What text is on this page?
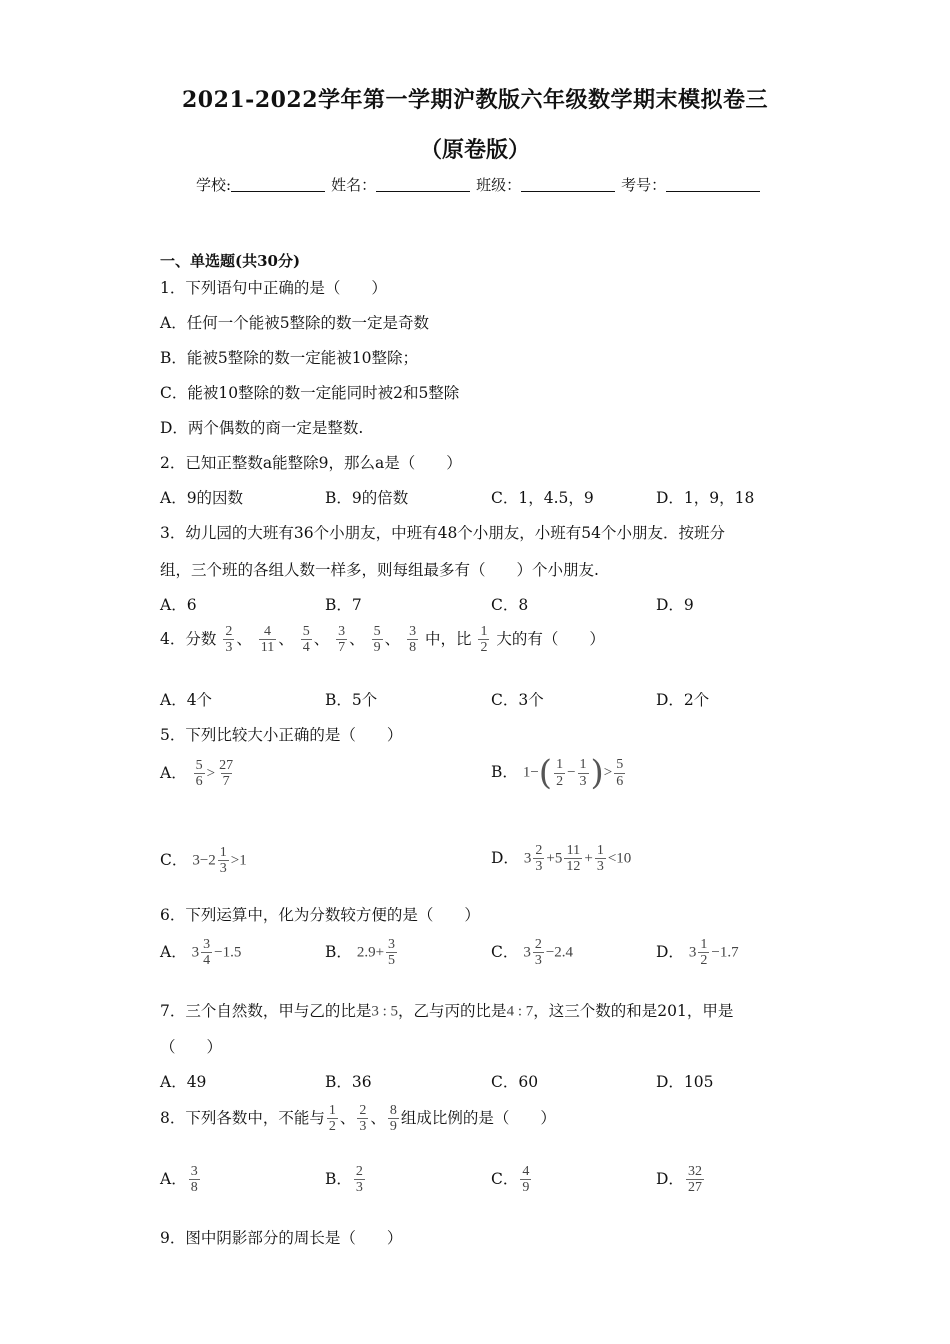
2021-2022学年第一学期沪教版六年级数学期末模拟卷三
（原卷版）
学校:	姓名：	班级：	考号：
一、单选题(共30分)
1．下列语句中正确的是（　　）
A．任何一个能被5整除的数一定是奇数
B．能被5整除的数一定能被10整除；
C．能被10整除的数一定能同时被2和5整除
D．两个偶数的商一定是整数.
2．已知正整数a能整除9，那么a是（　　）
A．9的因数	B．9的倍数	C．1，4.5，9	D．1，9，18
3．幼儿园的大班有36个小朋友，中班有48个小朋友，小班有54个小朋友．按班分
组，三个班的各组人数一样多，则每组最多有（　　）个小朋友.
A．6	B．7	C．8	D．9
4．分数 $\frac{2}{3}$ 、 $\frac{4}{11}$ 、 $\frac{5}{4}$ 、 $\frac{3}{7}$ 、 $\frac{5}{9}$ 、 $\frac{3}{8}$ 中，比 $\frac{1}{2}$ 大的有（　　）
A．4个	B．5个	C．3个	D．2个
5．下列比较大小正确的是（　　）
A． $\frac{5}{6} > \frac{27}{7}$	B． $1-( \frac{1}{2} - \frac{1}{3}$ )> $\frac{5}{6}$
C． $3-2 \frac{1}{3} >1$	D． $3 \frac{2}{3} +5 \frac{11}{12} + \frac{1}{3} <10$
6．下列运算中，化为分数较方便的是（　　）
A． $3 \frac{3}{4} -1.5$	B． $2.9+ \frac{3}{5}$	C． $3 \frac{2}{3} -2.4$	D． $3 \frac{1}{2} -1.7$
7．三个自然数，甲与乙的比是3 : 5，乙与丙的比是4 : 7，这三个数的和是201，甲是
（　　）
A．49	B．36	C．60	D．105
8．下列各数中，不能与 $\frac{1}{2}$ 、 $\frac{2}{3}$ 、 $\frac{8}{9}$ 组成比例的是（　　）
A． $\frac{3}{8}$	B． $\frac{2}{3}$	C． $\frac{4}{9}$	D． $\frac{32}{27}$
9．图中阴影部分的周长是（　　）
